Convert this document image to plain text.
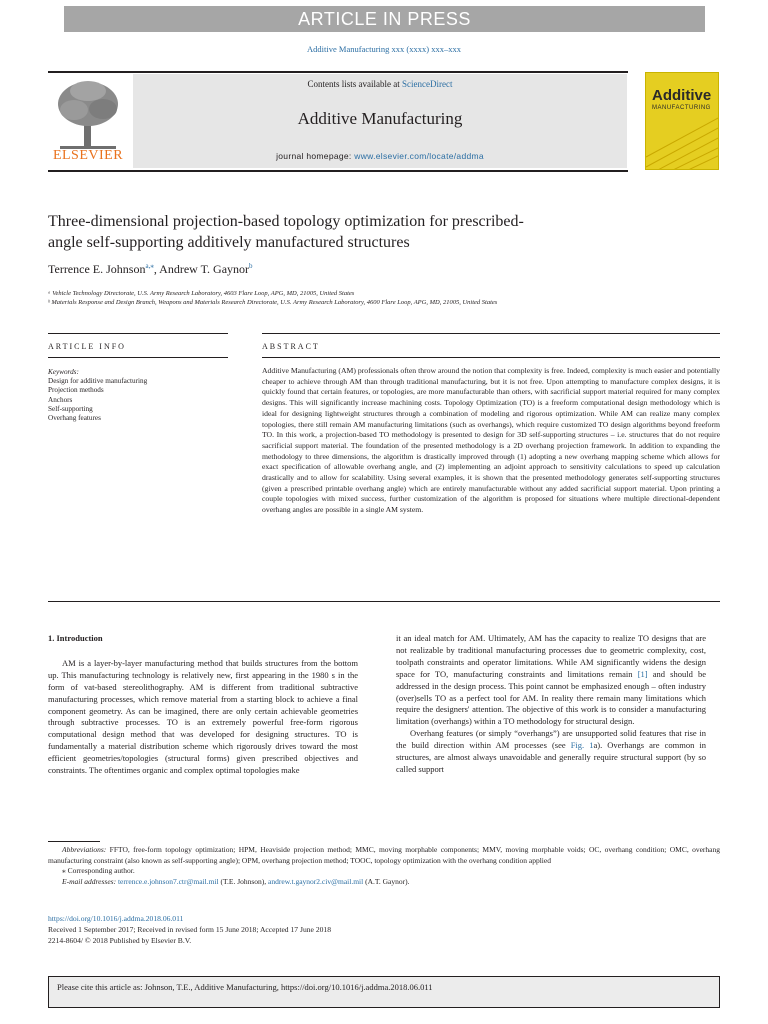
ARTICLE IN PRESS
Additive Manufacturing xxx (xxxx) xxx–xxx
Contents lists available at ScienceDirect
Additive Manufacturing
journal homepage: www.elsevier.com/locate/addma
ELSEVIER
Additive
MANUFACTURING
Three-dimensional projection-based topology optimization for prescribed-
angle self-supporting additively manufactured structures
Terrence E. Johnson$^{a,⁎}$, Andrew T. Gaynor$^b$
ᵃ Vehicle Technology Directorate, U.S. Army Research Laboratory, 4603 Flare Loop, APG, MD, 21005, United States
ᵇ Materials Response and Design Branch, Weapons and Materials Research Directorate, U.S. Army Research Laboratory, 4600 Flare Loop, APG, MD, 21005, United States
ARTICLE INFO	ABSTRACT
Keywords:
Design for additive manufacturing
Projection methods
Anchors
Self-supporting
Overhang features
Additive Manufacturing (AM) professionals often throw around the notion that complexity is free. Indeed, complexity is much easier and potentially cheaper to achieve through AM than through traditional manufacturing, but it is not free. Upon attempting to manufacture complex designs, it is quickly found that certain features, or topologies, are more manufacturable than others, with sacrificial support material required for many complex designs. This will significantly increase machining costs. Topology Optimization (TO) is a freeform computational design methodology which is ideal for designing lightweight structures through a combination of modeling and rigorous optimization. While AM can realize many complex topologies, there still remain AM manufacturing limitations (such as overhangs), which require customized TO design algorithms beyond freeform TO. In this work, a projection-based TO methodology is presented to design for 3D self-supporting structures – i.e. structures that do not require sacrificial support material. The foundation of the presented methodology is a 2D overhang projection framework. In addition to expanding the methodology to three dimensions, the algorithm is drastically improved through (1) adopting a new overhang mapping scheme which allows for exact specification of allowable overhang angle, and (2) implementing an adjoint approach to sensitivity calculations to speed up calculation drastically and to allow for scalability. Using several examples, it is shown that the presented methodology generates self-supporting structures (given a prescribed printable overhang angle) which are entirely manufacturable without any added sacrificial support material. Upon printing a couple topologies with mixed success, further customization of the algorithm is proposed for situations where multiple directional-dependent overhang angles are possible in a single AM system.
1. Introduction

AM is a layer-by-layer manufacturing method that builds structures from the bottom up. This manufacturing technology is relatively new, first appearing in the 1980 s in the form of vat-based stereolithography. AM is different from traditional subtractive manufacturing processes, which remove material from a starting block to achieve a final component geometry. As can be imagined, there are only certain achievable geometries through subtractive processes. TO is an extremely powerful free-form rigorous computational design method that was developed for designing structures. TO is fundamentally a material distribution scheme which rigorously drives toward the most efficient geometries/topologies (structural forms) given prescribed objectives and constraints. The oftentimes organic and complex optimal topologies make

it an ideal match for AM. Ultimately, AM has the capacity to realize TO designs that are not realizable by traditional manufacturing processes due to geometric complexity, cost, toolpath constraints and operator limitations. While AM significantly widens the design space for TO, manufacturing constraints and limitations remain [1] and should be addressed in the design process. This point cannot be emphasized enough – often industry (over)sells TO as a perfect tool for AM. In reality there remain many limitations which require the designers' attention. The objective of this work is to consider a manufacturing limitation (overhangs) within a TO methodology for structural design.

Overhang features (or simply “overhangs”) are unsupported solid features that rise in the build direction within AM processes (see Fig. 1a). Overhangs are common in structures, are almost always unavoidable and generally require structural support (by so called support

Abbreviations: FFTO, free-form topology optimization; HPM, Heaviside projection method; MMC, moving morphable components; MMV, moving morphable voids; OC, overhang condition; OMC, overhang manufacturing constraint (also known as self-supporting angle); OPM, overhang projection method; TOOC, topology optimization with the overhang condition applied

⁎ Corresponding author.

E-mail addresses: terrence.e.johnson7.ctr@mail.mil (T.E. Johnson), andrew.t.gaynor2.civ@mail.mil (A.T. Gaynor).

https://doi.org/10.1016/j.addma.2018.06.011
Received 1 September 2017; Received in revised form 15 June 2018; Accepted 17 June 2018
2214-8604/ © 2018 Published by Elsevier B.V.
Please cite this article as: Johnson, T.E., Additive Manufacturing, https://doi.org/10.1016/j.addma.2018.06.011
